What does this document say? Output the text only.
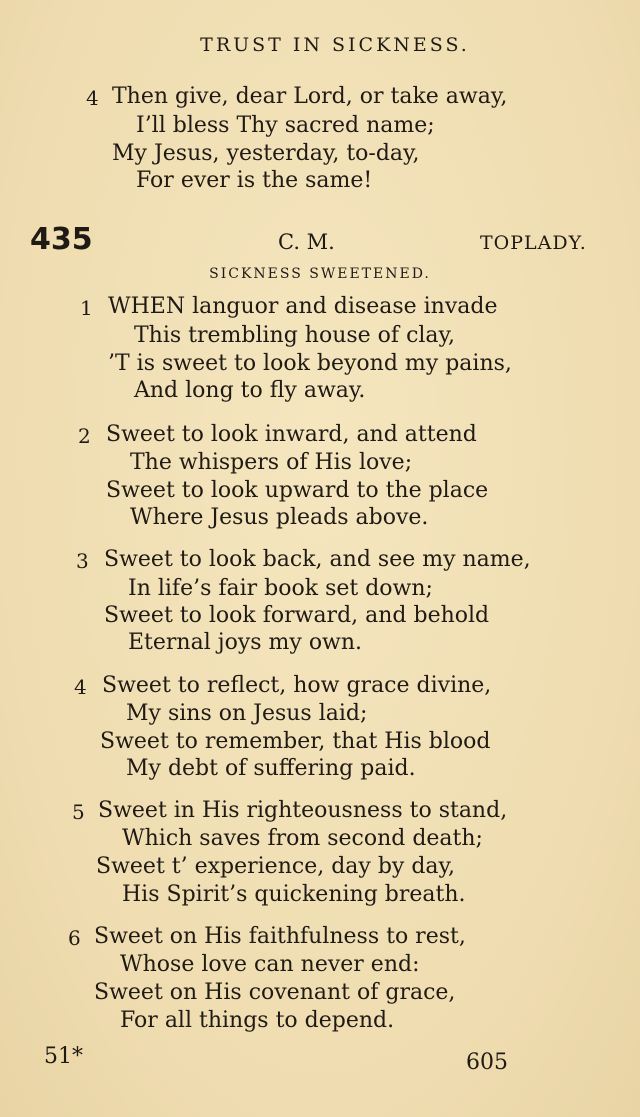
TRUST IN SICKNESS.
4 Then give, dear Lord, or take away,
I’ll bless Thy sacred name;
My Jesus, yesterday, to-day,
For ever is the same!
435	C. M.	TOPLADY.
SICKNESS SWEETENED.
1 WHEN languor and disease invade
This trembling house of clay,
’T is sweet to look beyond my pains,
And long to fly away.
2 Sweet to look inward, and attend
The whispers of His love;
Sweet to look upward to the place
Where Jesus pleads above.
3 Sweet to look back, and see my name,
In life’s fair book set down;
Sweet to look forward, and behold
Eternal joys my own.
4 Sweet to reflect, how grace divine,
My sins on Jesus laid;
Sweet to remember, that His blood
My debt of suffering paid.
5 Sweet in His righteousness to stand,
Which saves from second death;
Sweet t’ experience, day by day,
His Spirit’s quickening breath.
6 Sweet on His faithfulness to rest,
Whose love can never end:
Sweet on His covenant of grace,
For all things to depend.
51*	605
